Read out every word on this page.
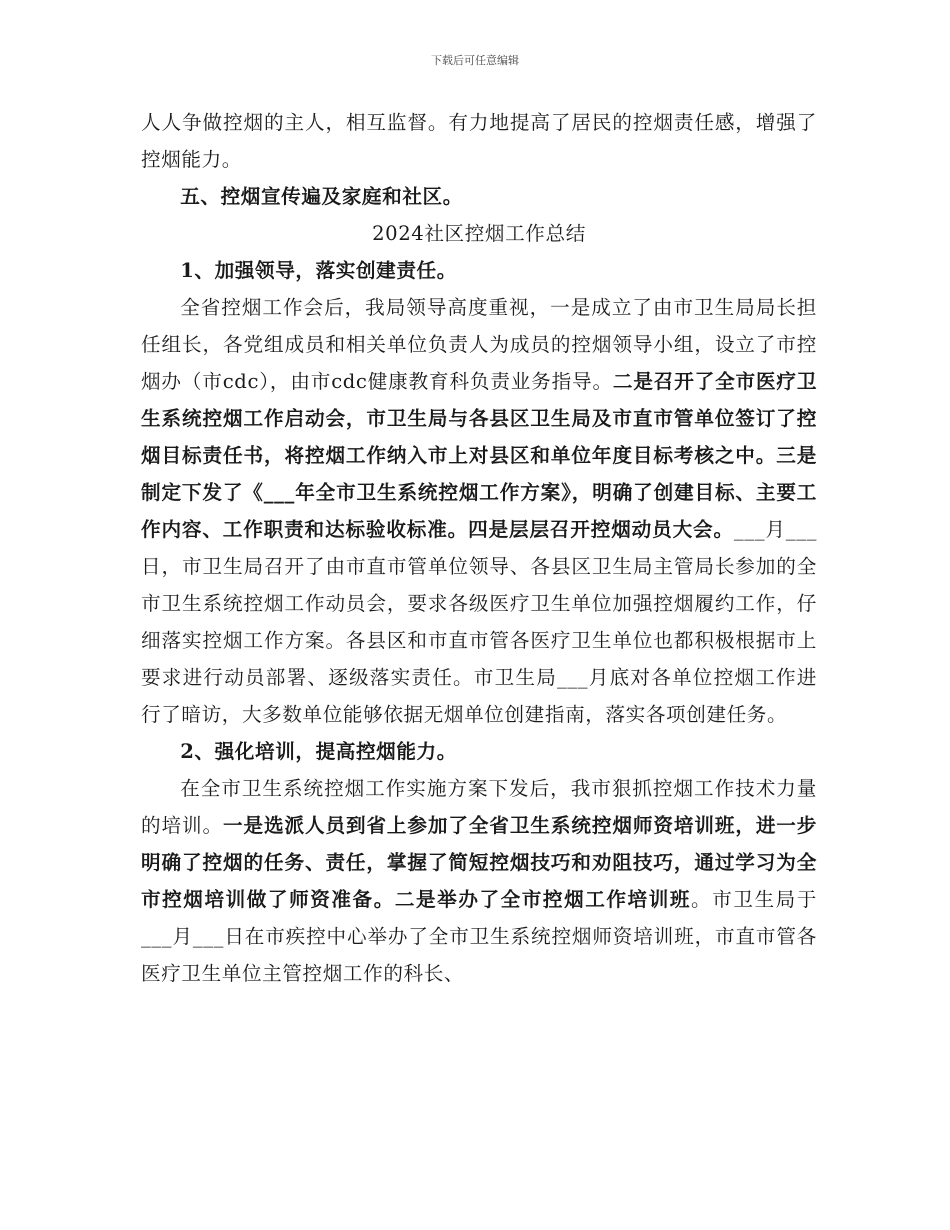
下载后可任意编辑

人人争做控烟的主人，相互监督。有力地提高了居民的控烟责任感，增强了控烟能力。

五、控烟宣传遍及家庭和社区。

2024社区控烟工作总结

1、加强领导，落实创建责任。

全省控烟工作会后，我局领导高度重视，一是成立了由市卫生局局长担任组长，各党组成员和相关单位负责人为成员的控烟领导小组，设立了市控烟办（市cdc），由市cdc健康教育科负责业务指导。二是召开了全市医疗卫生系统控烟工作启动会，市卫生局与各县区卫生局及市直市管单位签订了控烟目标责任书，将控烟工作纳入市上对县区和单位年度目标考核之中。三是制定下发了《___年全市卫生系统控烟工作方案》，明确了创建目标、主要工作内容、工作职责和达标验收标准。四是层层召开控烟动员大会。___月___日，市卫生局召开了由市直市管单位领导、各县区卫生局主管局长参加的全市卫生系统控烟工作动员会，要求各级医疗卫生单位加强控烟履约工作，仔细落实控烟工作方案。各县区和市直市管各医疗卫生单位也都积极根据市上要求进行动员部署、逐级落实责任。市卫生局___月底对各单位控烟工作进行了暗访，大多数单位能够依据无烟单位创建指南，落实各项创建任务。

2、强化培训，提高控烟能力。

在全市卫生系统控烟工作实施方案下发后，我市狠抓控烟工作技术力量的培训。一是选派人员到省上参加了全省卫生系统控烟师资培训班，进一步明确了控烟的任务、责任，掌握了简短控烟技巧和劝阻技巧，通过学习为全市控烟培训做了师资准备。二是举办了全市控烟工作培训班。市卫生局于___月___日在市疾控中心举办了全市卫生系统控烟师资培训班，市直市管各医疗卫生单位主管控烟工作的科长、
